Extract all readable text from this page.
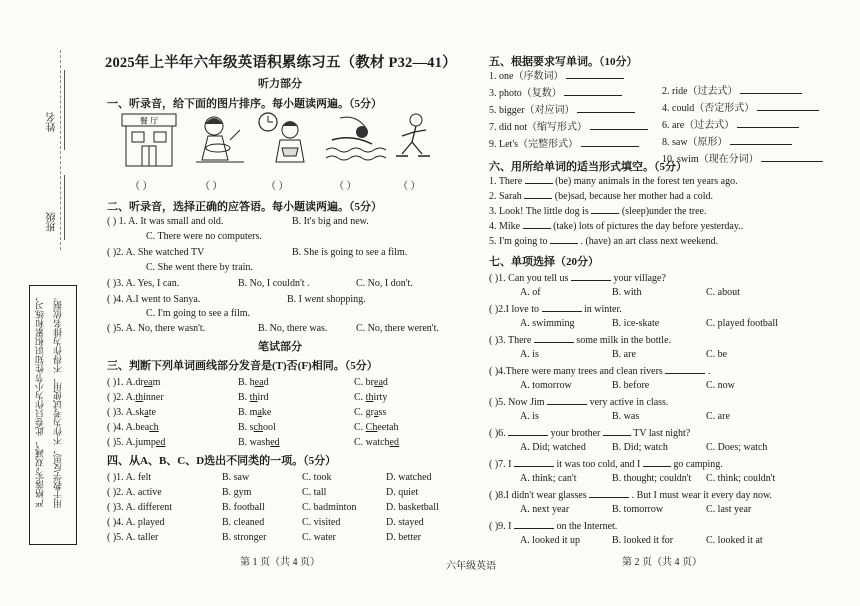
姓名
班级
严格落实“双减”，此卷只作为小节性知识积累和练习， 用于教学反思，不作为考试使用，不得作为排名依据。
2025年上半年六年级英语积累练习五（教材 P32—41）
听力部分
一、听录音，给下面的图片排序。每小题读两遍。（5分）
餐 厅
（ ）	（ ）	（ ）	（ ）	（ ）
二、听录音，选择正确的应答语。每小题读两遍。（5分）
( ) 1. A. It was small and old.	B. It's big and new.
C. There were no computers.
( )2. A. She watched TV	B. She is going to see a film.
C. She went there by train.
( )3. A. Yes, I can.	B. No, I couldn't .	C. No, I don't.
( )4. A.I went to Sanya.	B. I went shopping.
C. I'm going to see a film.
( )5. A. No, there wasn't.	B. No, there was.	C. No, there weren't.
笔试部分
三、判断下列单词画线部分发音是(T)否(F)相同。（5分）
四、从A、B、C、D选出不同类的一项。（5分）
五、根据要求写单词。（10分）
六、用所给单词的适当形式填空。（5分）
七、单项选择（20分）
第 1 页（共 4 页）	六年级英语	第 2 页（共 4 页）
( )1. A.dream	B. head	C. bread
( )2. A.thinner	B. third	C. thirty
( )3. A.skate	B. make	C. grass
( )4. A.beach	B. school	C. Cheetah
( )5. A.jumped	B. washed	C. watched
( )1. A. felt	B. saw	C. took	D. watched
( )2. A. active	B. gym	C. tall	D. quiet
( )3. A. different	B. football	C. badminton	D. basketball
( )4. A. played	B. cleaned	C. visited	D. stayed
( )5. A. taller	B. stronger	C. water	D. better
1. one（序数词）
3. photo（复数）
5. bigger（对应词）
7. did not（缩写形式）
9. Let's（完整形式）
2. ride（过去式）
4. could（否定形式）
6. are（过去式）
8. saw（原形）
10. swim（现在分词）
1. There	(be) many animals in the forest ten years ago.
2. Sarah	(be)sad, because her mother had a cold.
3. Look! The little dog is	(sleep)under the tree.
4. Mike	(take) lots of pictures the day before yesterday..
5. I'm going to	. (have) an art class next weekend.
( )1. Can you tell us	your village?
A. of	B. with	C. about
( )2.I love to	in winter.
A. swimming	B. ice-skate	C. played football
( )3. There	some milk in the bottle.
A. is	B. are	C. be
( )4.There were many trees and clean rivers	.
A. tomorrow	B. before	C. now
( )5. Now Jim	very active in class.
A. is	B. was	C. are
( )6.	your brother	TV last night?
A. Did; watched	B. Did; watch	C. Does; watch
( )7. I	it was too cold, and I	go camping.
A. think; can't	B. thought; couldn't C. think; couldn't
( )8.I didn't wear glasses	. But I must wear it every day now.
A. next year	B. tomorrow	C. last year
( )9. I	on the Internet.
A. looked it up	B. looked it for	C. looked it at
